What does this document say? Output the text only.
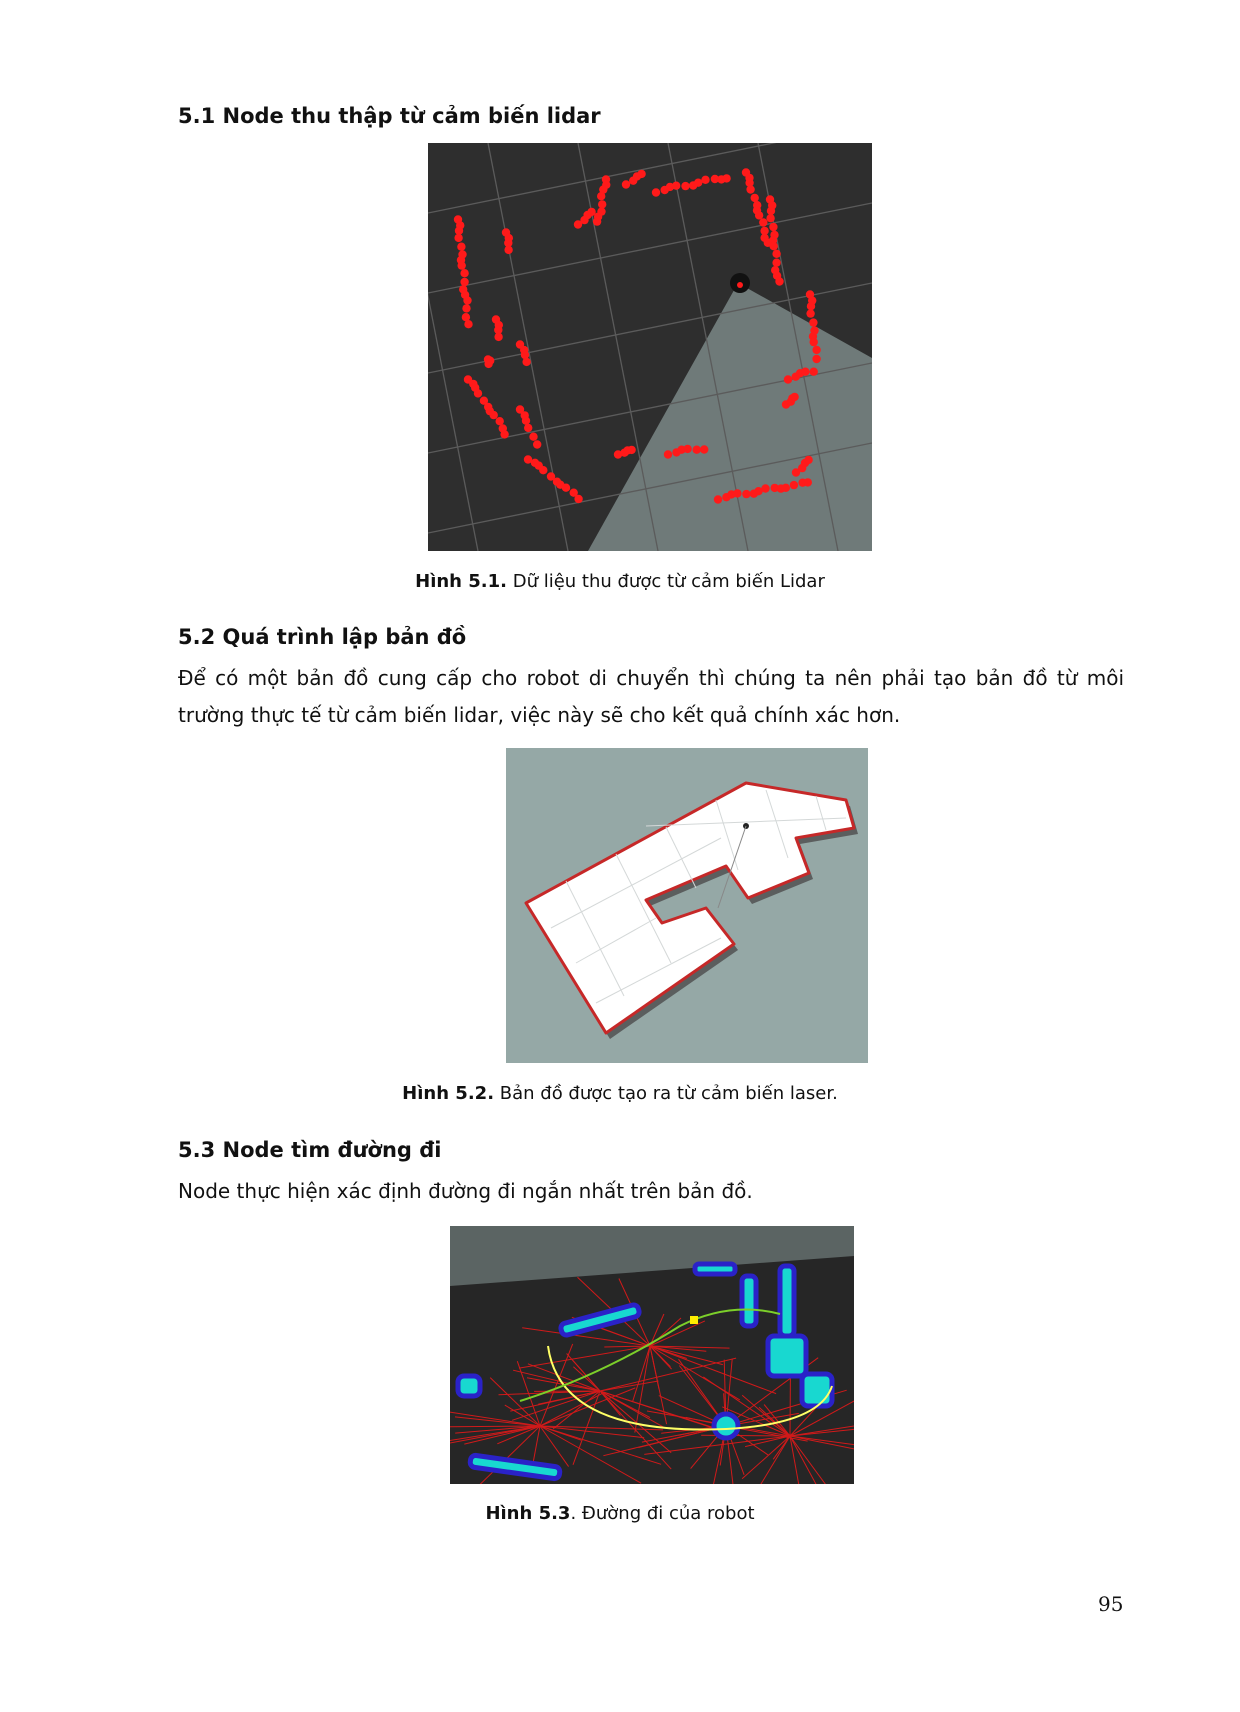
5.1 Node thu thập từ cảm biến lidar

Hình 5.1. Dữ liệu thu được từ cảm biến Lidar

5.2 Quá trình lập bản đồ

Để có một bản đồ cung cấp cho robot di chuyển thì chúng ta nên phải tạo bản đồ từ môi trường thực tế từ cảm biến lidar, việc này sẽ cho kết quả chính xác hơn.

Hình 5.2. Bản đồ được tạo ra từ cảm biến laser.

5.3 Node tìm đường đi

Node thực hiện xác định đường đi ngắn nhất trên bản đồ.

Hình 5.3. Đường đi của robot

95
